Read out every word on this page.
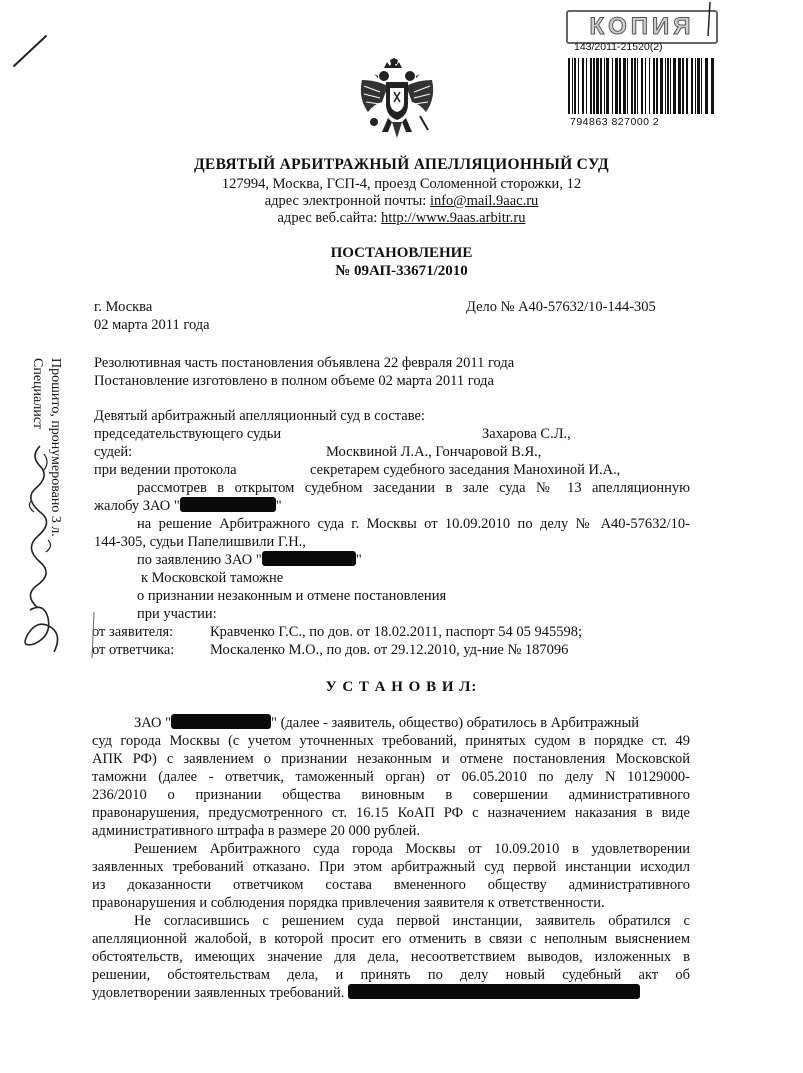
КОПИЯ
143/2011-21520(2)
794863 827000 2
ДЕВЯТЫЙ АРБИТРАЖНЫЙ АПЕЛЛЯЦИОННЫЙ СУД
127994, Москва, ГСП-4, проезд Соломенной сторожки, 12
адрес электронной почты: info@mail.9aac.ru
адрес веб.сайта: http://www.9aas.arbitr.ru
ПОСТАНОВЛЕНИЕ
№ 09АП-33671/2010
г. Москва	Дело № А40-57632/10-144-305
02 марта 2011 года
Резолютивная часть постановления объявлена 22 февраля 2011 года
Постановление изготовлено в полном объеме 02 марта 2011 года
Девятый арбитражный апелляционный суд в составе:
председательствующего судьи	Захарова С.Л.,
судей:	Москвиной Л.А., Гончаровой В.Я.,
при ведении протокола	секретарем судебного заседания Манохиной И.А.,
рассмотрев в открытом судебном заседании в зале суда № 13 апелляционную
жалобу ЗАО "	"
на решение Арбитражного суда г. Москвы от 10.09.2010 по делу № А40-57632/10-
144-305, судьи Папелишвили Г.Н.,
по заявлению ЗАО "	"
к Московской таможне
о признании незаконным и отмене постановления
при участии:
от заявителя:	Кравченко Г.С., по дов. от 18.02.2011, паспорт 54 05 945598;
от ответчика: Москаленко М.О., по дов. от 29.12.2010, уд-ние № 187096
У С Т А Н О В И Л:
ЗАО "	" (далее - заявитель, общество) обратилось в Арбитражный
суд города Москвы (с учетом уточненных требований, принятых судом в порядке ст. 49
АПК РФ) с заявлением о признании незаконным и отмене постановления Московской
таможни (далее - ответчик, таможенный орган) от 06.05.2010 по делу N 10129000-
236/2010 о признании общества виновным в совершении административного
правонарушения, предусмотренного ст. 16.15 КоАП РФ с назначением наказания в виде
административного штрафа в размере 20 000 рублей.
Решением Арбитражного суда города Москвы от 10.09.2010 в удовлетворении
заявленных требований отказано. При этом арбитражный суд первой инстанции исходил
из доказанности ответчиком состава вмененного обществу административного
правонарушения и соблюдения порядка привлечения заявителя к ответственности.
Не согласившись с решением суда первой инстанции, заявитель обратился с
апелляционной жалобой, в которой просит его отменить в связи с неполным выяснением
обстоятельств, имеющих значение для дела, несоответствием выводов, изложенных в
решении, обстоятельствам дела, и принять по делу новый судебный акт об
удовлетворении заявленных требований.
Прошито, пронумеровано 3 л.
Специалист
